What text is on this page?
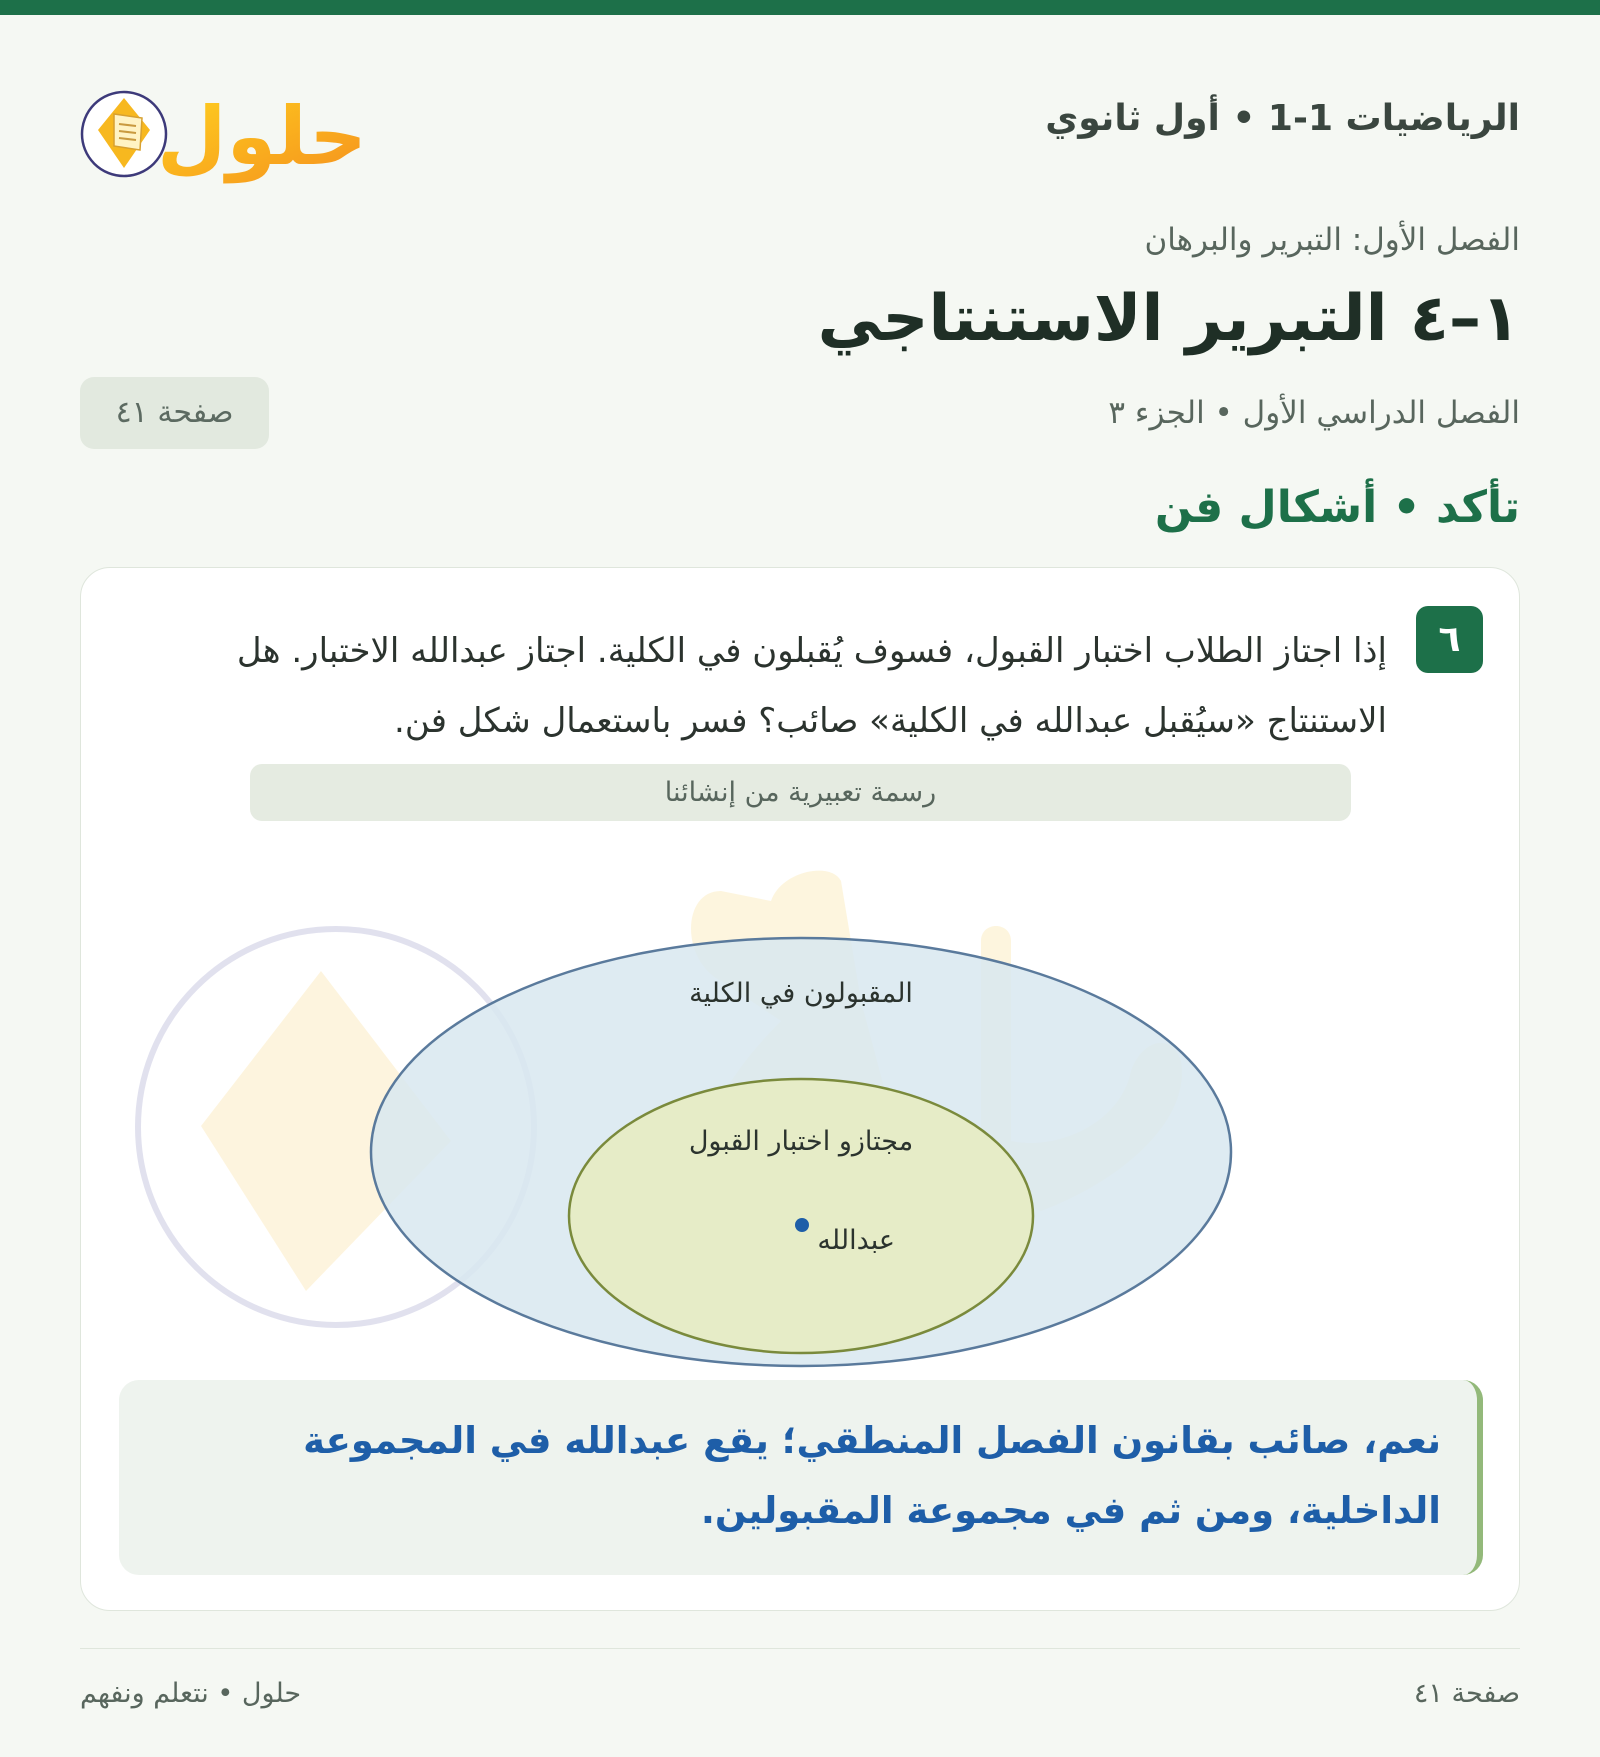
حلول	الرياضيات 1-1 • أول ثانوي
الفصل الأول: التبرير والبرهان
١–٤ التبرير الاستنتاجي
الفصل الدراسي الأول • الجزء ٣
صفحة ٤١
تأكد • أشكال فن
٦
إذا اجتاز الطلاب اختبار القبول، فسوف يُقبلون في الكلية. اجتاز عبدالله الاختبار. هل الاستنتاج «سيُقبل عبدالله في الكلية» صائب؟ فسر باستعمال شكل فن.
رسمة تعبيرية من إنشائنا
المقبولون في الكلية
مجتازو اختبار القبول
عبدالله
نعم، صائب بقانون الفصل المنطقي؛ يقع عبدالله في المجموعة الداخلية، ومن ثم في مجموعة المقبولين.
صفحة ٤١
حلول • نتعلم ونفهم
